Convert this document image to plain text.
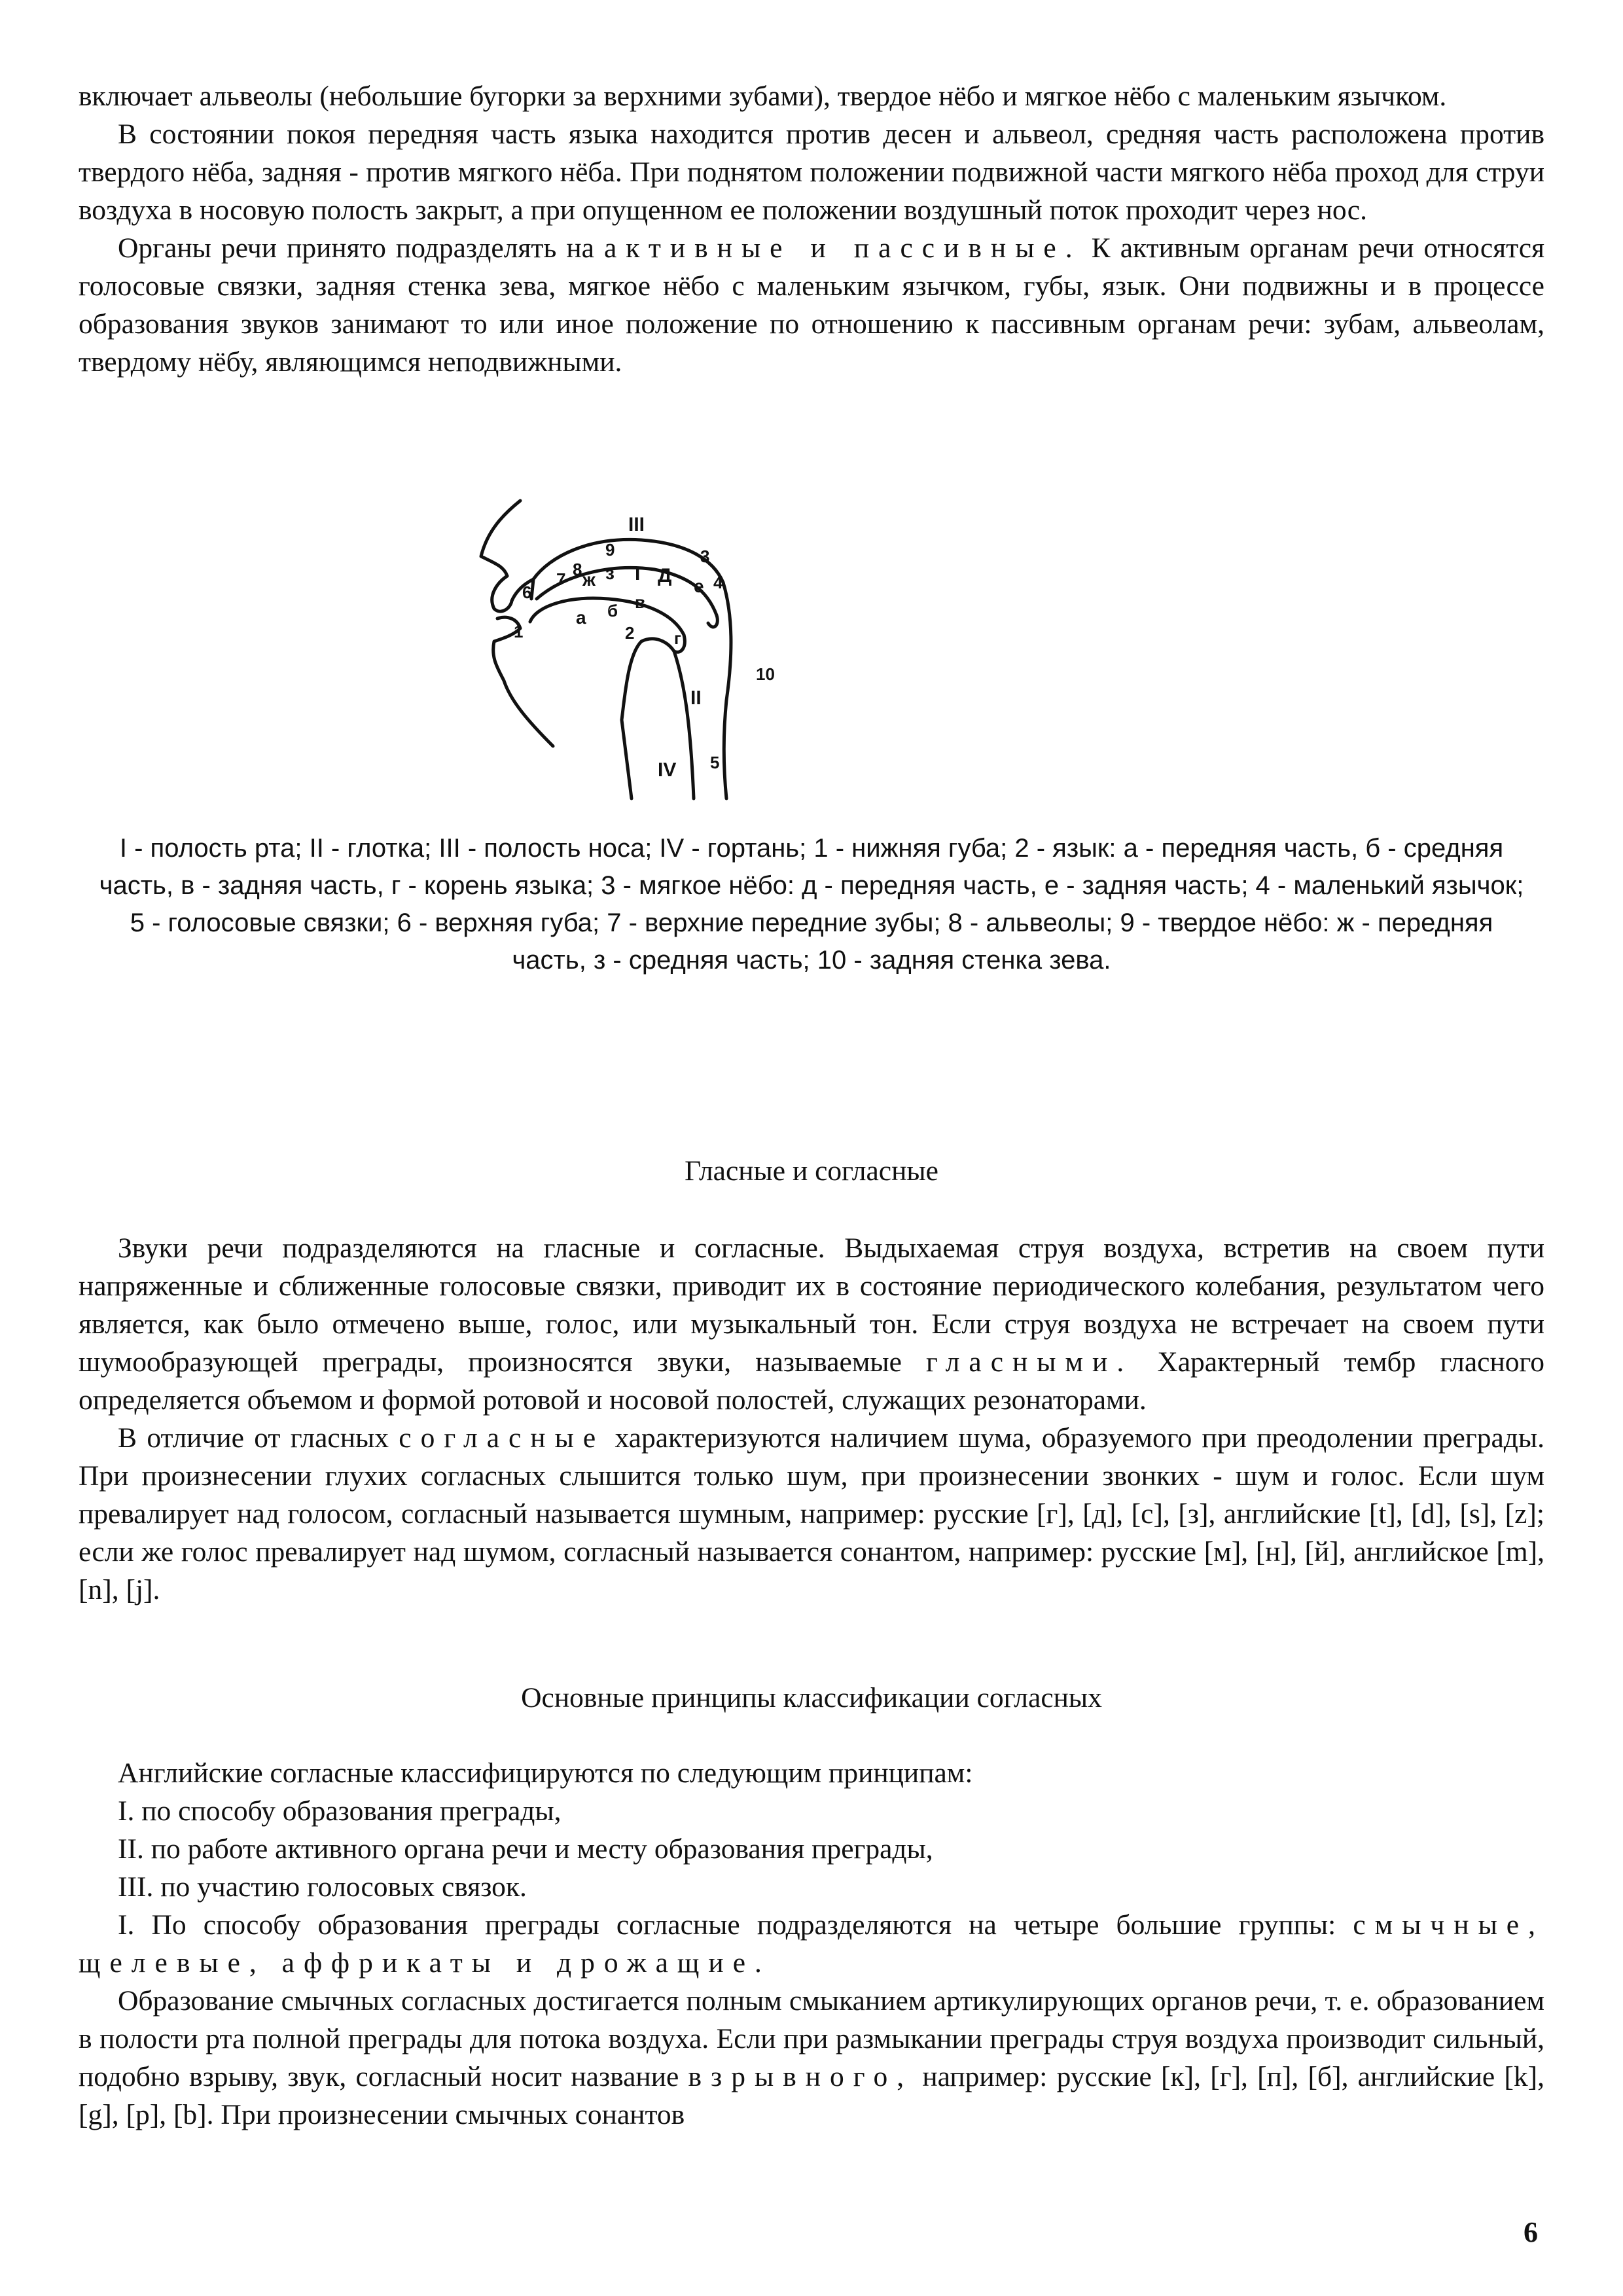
включает альвеолы (небольшие бугорки за верхними зубами), твердое нёбо и мягкое нёбо с маленьким язычком.

В состоянии покоя передняя часть языка находится против десен и альвеол, средняя часть расположена против твердого нёба, задняя - против мягкого нёба. При поднятом положении подвижной части мягкого нёба проход для струи воздуха в носовую полость закрыт, а при опущенном ее положении воздушный поток проходит через нос.

Органы речи принято подразделять на активные и пассивные. К активным органам речи относятся голосовые связки, задняя стенка зева, мягкое нёбо с маленьким язычком, губы, язык. Они подвижны и в процессе образования звуков занимают то или иное положение по отношению к пассивным органам речи: зубам, альвеолам, твердому нёбу, являющимся неподвижными.

III
9	3
8 з I Д
7 ж	е 4
6	в
б
а
2
1	г
10
II
5
IV
I - полость рта; II - глотка; III - полость носа; IV - гортань; 1 - нижняя губа; 2 - язык: а - передняя часть, б - средняя часть, в - задняя часть, г - корень языка; 3 - мягкое нёбо: д - передняя часть, е - задняя часть; 4 - маленький язычок; 5 - голосовые связки; 6 - верхняя губа; 7 - верхние передние зубы; 8 - альвеолы; 9 - твердое нёбо: ж - передняя часть, з - средняя часть; 10 - задняя стенка зева.
Гласные и согласные

Звуки речи подразделяются на гласные и согласные. Выдыхаемая струя воздуха, встретив на своем пути напряженные и сближенные голосовые связки, приводит их в состояние периодического колебания, результатом чего является, как было отмечено выше, голос, или музыкальный тон. Если струя воздуха не встречает на своем пути шумообразующей преграды, произносятся звуки, называемые гласными. Характерный тембр гласного определяется объемом и формой ротовой и носовой полостей, служащих резонаторами.

В отличие от гласных согласные характеризуются наличием шума, образуемого при преодолении преграды. При произнесении глухих согласных слышится только шум, при произнесении звонких - шум и голос. Если шум превалирует над голосом, согласный называется шумным, например: русские [г], [д], [с], [з], английские [t], [d], [s], [z]; если же голос превалирует над шумом, согласный называется сонантом, например: русские [м], [н], [й], английское [m], [n], [j].

Основные принципы классификации согласных

Английские согласные классифицируются по следующим принципам:

I. по способу образования преграды,

II. по работе активного органа речи и месту образования преграды,

III. по участию голосовых связок.

I. По способу образования преграды согласные подразделяются на четыре большие группы: смычные, щелевые, аффрикаты и дрожащие.

Образование смычных согласных достигается полным смыканием артикулирующих органов речи, т. е. образованием в полости рта полной преграды для потока воздуха. Если при размыкании преграды струя воздуха производит сильный, подобно взрыву, звук, согласный носит название взрывного, например: русские [к], [г], [п], [б], английские [k], [g], [p], [b]. При произнесении смычных сонантов

6
